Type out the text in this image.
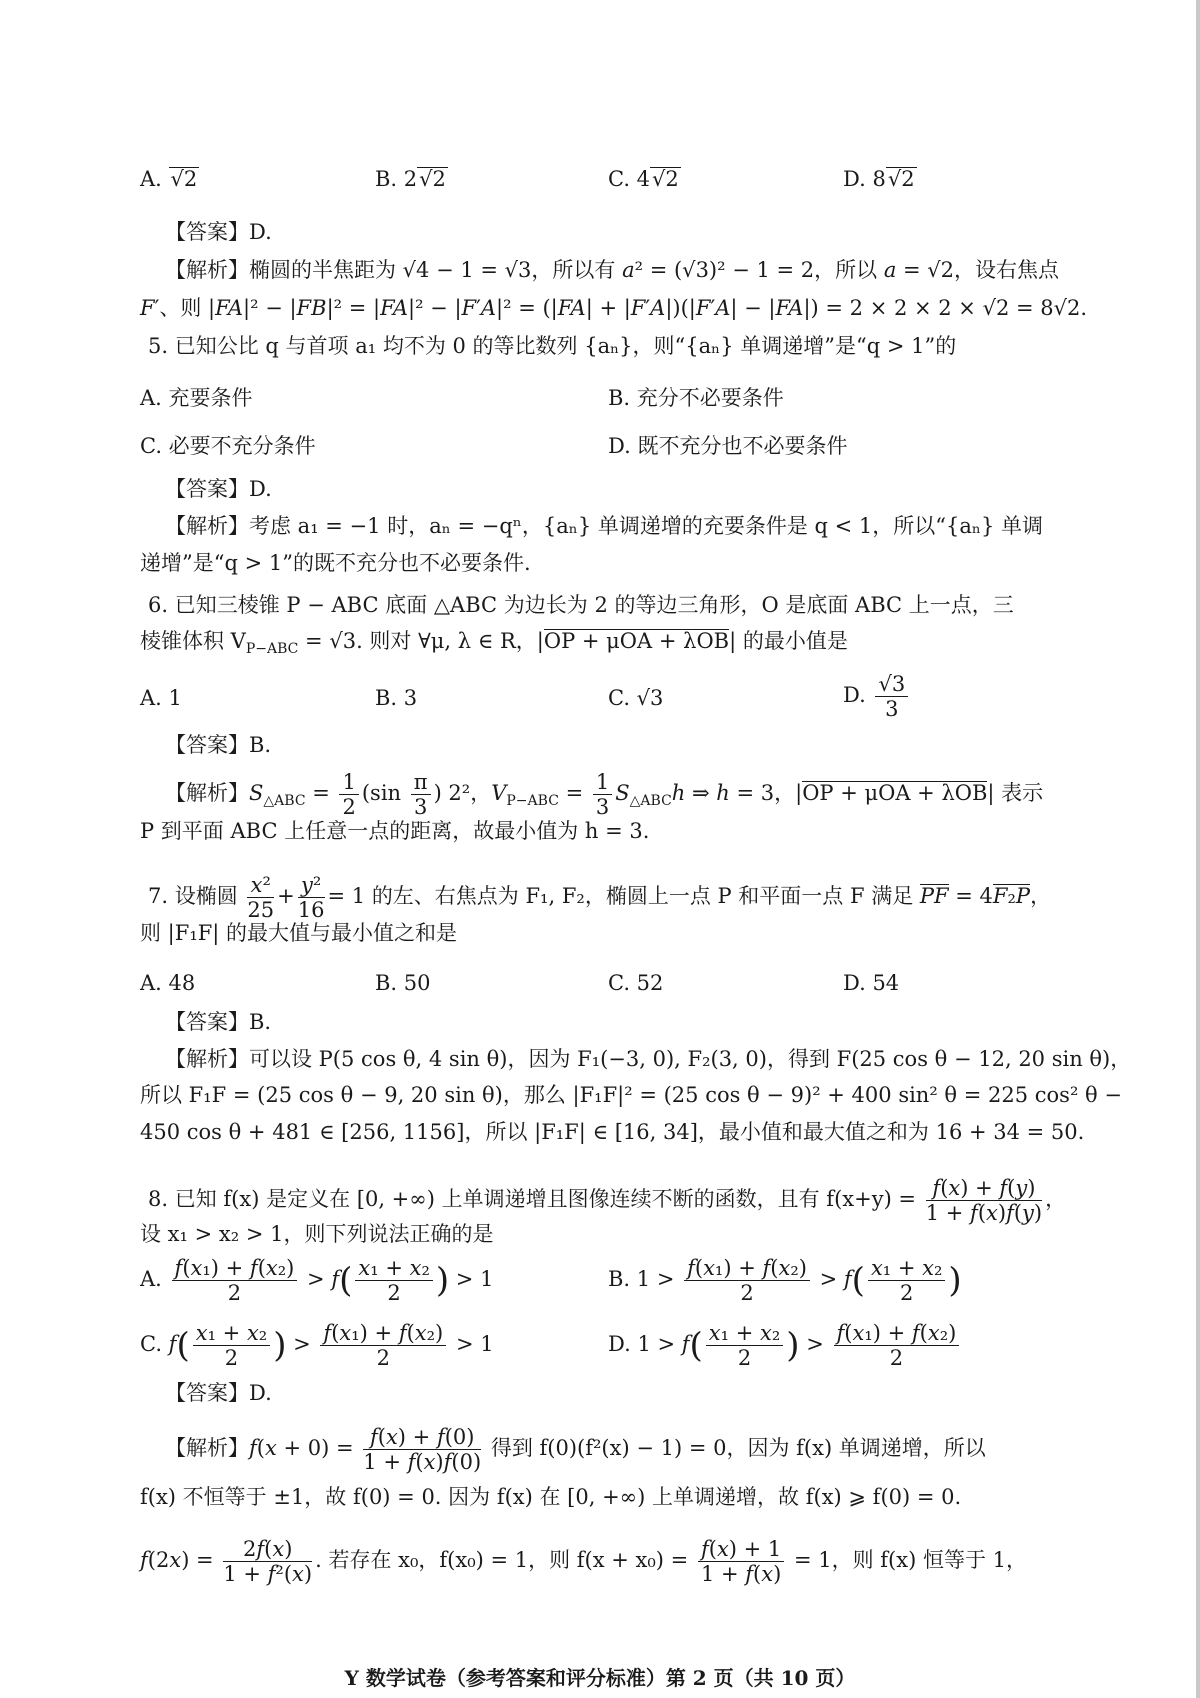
A. √2	B. 2√2	C. 4√2	D. 8√2
【答案】D.
【解析】椭圆的半焦距为 √4 − 1 = √3，所以有 a² = (√3)² − 1 = 2，所以 a = √2，设右焦点
F′、则 |FA|² − |FB|² = |FA|² − |F′A|² = (|FA| + |F′A|)(|F′A| − |FA|) = 2 × 2 × 2 × √2 = 8√2.
5. 已知公比 q 与首项 a₁ 均不为 0 的等比数列 {aₙ}，则“{aₙ} 单调递增”是“q > 1”的
A. 充要条件	B. 充分不必要条件
C. 必要不充分条件	D. 既不充分也不必要条件
【答案】D.
【解析】考虑 a₁ = −1 时，aₙ = −qⁿ，{aₙ} 单调递增的充要条件是 q < 1，所以“{aₙ} 单调
递增”是“q > 1”的既不充分也不必要条件.
6. 已知三棱锥 P − ABC 底面 △ABC 为边长为 2 的等边三角形，O 是底面 ABC 上一点，三
棱锥体积 $V_{P-ABC} = √3$. 则对 ∀μ, λ ∈ R，|OP + μOA + λOB| 的最小值是
A. 1	B. 3	C. √3	D. $\frac{√3}{3}$
【答案】B.
【解析】$S_{\triangle ABC} = \frac{1}{2} (\sin \frac{\pi}{3}$ ) 2²，$V_{P-ABC} = \frac{1}{3} S_{\triangle ABC}h$ ⇒ h = 3，|OP + μOA + λOB| 表示
P 到平面 ABC 上任意一点的距离，故最小值为 h = 3.
7. 设椭圆 $\frac{\text{x²}}{25} + \frac{\text{y²}}{16} = 1$ 的左、右焦点为 F₁, F₂，椭圆上一点 P 和平面一点 F 满足 PF = 4F₂P，
则 |F₁F| 的最大值与最小值之和是
A. 48	B. 50	C. 52	D. 54
【答案】B.
【解析】可以设 P(5 cos θ, 4 sin θ)，因为 F₁(−3, 0), F₂(3, 0)，得到 F(25 cos θ − 12, 20 sin θ)，
所以 F₁F = (25 cos θ − 9, 20 sin θ)，那么 |F₁F|² = (25 cos θ − 9)² + 400 sin² θ = 225 cos² θ −
450 cos θ + 481 ∈ [256, 1156]，所以 |F₁F| ∈ [16, 34]，最小值和最大值之和为 16 + 34 = 50.
8. 已知 f(x) 是定义在 [0, +∞) 上单调递增且图像连续不断的函数，且有 $f(x+y) = \frac{f(x) + f(y)}{1 + f(x)f(y)}$ ，
设 x₁ > x₂ > 1，则下列说法正确的是
A. $\frac{\text{f(x₁) + f(x₂)}}{2} > f( \frac{\text{x₁ + x₂}}{2}$ ) > 1	B. $1 > \frac{\text{f(x₁) + f(x₂)}}{2} > f( \frac{\text{x₁ + x₂}}{2}$ )
C. $f( \frac{\text{x₁ + x₂}}{2}$ ) > $\frac{\text{f(x₁) + f(x₂)}}{2} > 1$	D. $1 > f( \frac{\text{x₁ + x₂}}{2}$ ) > $\frac{\text{f(x₁) + f(x₂)}}{2}$
【答案】D.
【解析】$f(x + 0) = \frac{f(x) + f(0)}{1 + f(x)f(0)}$ 得到 f(0)(f²(x) − 1) = 0，因为 f(x) 单调递增，所以
f(x) 不恒等于 ±1，故 f(0) = 0. 因为 f(x) 在 [0, +∞) 上单调递增，故 f(x) ⩾ f(0) = 0.
$f(2x) = \frac{2f(x)}{\text{1 + f²(x)}}$ . 若存在 x₀，f(x₀) = 1，则 $f(x + x_0) = \frac{f(x) + 1}{1 + f(x)} = 1$，则 f(x) 恒等于 1，
Y 数学试卷（参考答案和评分标准）第 2 页（共 10 页）
